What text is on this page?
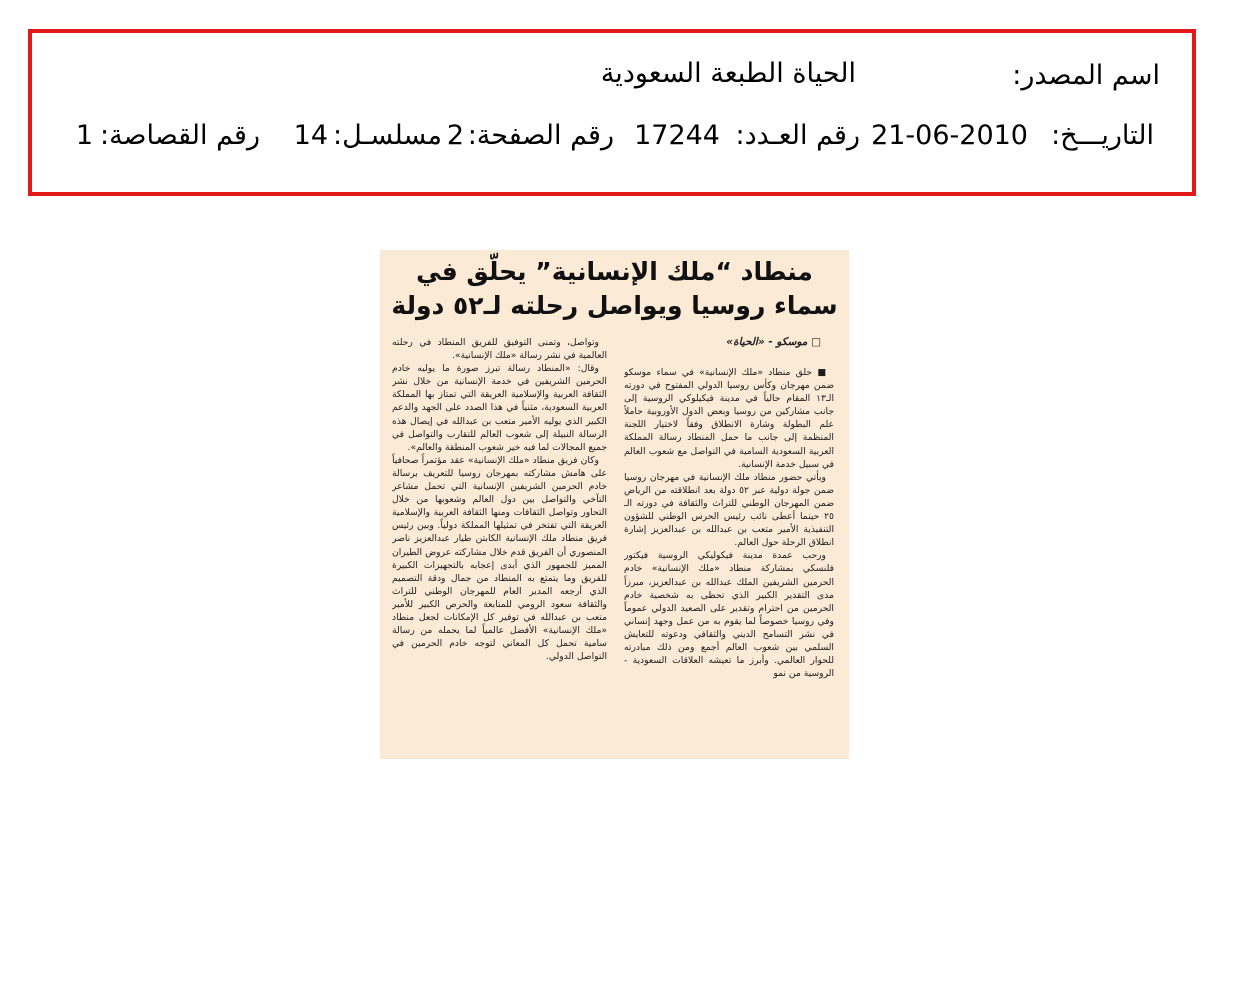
اسم المصدر:
الحياة الطبعة السعودية
التاريـــخ:
21-06-2010
رقم العـدد:
17244
رقم الصفحة:
2
مسلسـل:
14
رقم القصاصة:
1
منطاد “ملك الإنسانية” يحلّق في
سماء روسيا ويواصل رحلته لـ٥٢ دولة
□ موسكو - «الحياة»

■ حلق منطاد «ملك الإنسانية» في سماء موسكو ضمن مهرجان وكأس روسيا الدولي المفتوح في دورته الـ١٣ المقام حالياً في مدينة فيكيلوكي الروسية إلى جانب مشاركين من روسيا وبعض الدول الأوروبية حاملاً علم البطولة وشارة الانطلاق وفقاً لاختيار اللجنة المنظمة إلى جانب ما حمل المنطاد رسالة المملكة العربية السعودية السامية في التواصل مع شعوب العالم في سبيل خدمة الإنسانية.

ويأتي حضور منطاد ملك الإنسانية في مهرجان روسيا ضمن جولة دولية عبر ٥٢ دولة بعد انطلاقته من الرياض ضمن المهرجان الوطني للتراث والثقافة في دورته الـ ٢٥ حينما أعطى نائب رئيس الحرس الوطني للشؤون التنفيذية الأمير متعب بن عبدالله بن عبدالعزيز إشارة انطلاق الرحلة حول العالم.

ورحب عمدة مدينة فيكوليكي الروسية فيكتور فلنسكي بمشاركة منطاد «ملك الإنسانية» خادم الحرمين الشريفين الملك عبدالله بن عبدالعزيز، مبرزاً مدى التقدير الكبير الذي تحظى به شخصية خادم الحرمين من احترام وتقدير على الصعيد الدولي عموماً وفي روسيا خصوصاً لما يقوم به من عمل وجهد إنساني في نشر التسامح الديني والثقافي ودعوته للتعايش السلمي بين شعوب العالم أجمع ومن ذلك مبادرته للحوار العالمي. وأبرز ما تعيشه العلاقات السعودية - الروسية من نمو

وتواصل، وتمنى التوفيق للفريق المنطاد في رحلته العالمية في نشر رسالة «ملك الإنسانية».

وقال: «المنطاد رسالة تبرز صورة ما يوليه خادم الحرمين الشريفين في خدمة الإنسانية من خلال نشر الثقافة العربية والإسلامية العريقة التي تمتاز بها المملكة العربية السعودية، مثنياً في هذا الصدد على الجهد والدعم الكبير الذي يوليه الأمير متعب بن عبدالله في إيصال هذه الرسالة النبيلة إلى شعوب العالم للتقارب والتواصل في جميع المجالات لما فيه خير شعوب المنطقة والعالم».

وكان فريق منطاد «ملك الإنسانية» عقد مؤتمراً صحافياً على هامش مشاركته بمهرجان روسيا للتعريف برسالة خادم الحرمين الشريفين الإنسانية التي تحمل مشاعر التآخي والتواصل بين دول العالم وشعوبها من خلال التحاور وتواصل الثقافات ومنها الثقافة العربية والإسلامية العريقة التي تفتخر في تمثيلها المملكة دولياً. وبين رئيس فريق منطاد ملك الإنسانية الكابتن طيار عبدالعزيز ناصر المنصوري أن الفريق قدم خلال مشاركته عروض الطيران المميز للجمهور الذي أبدى إعجابه بالتجهيزات الكبيرة للفريق وما يتمتع به المنطاد من جمال ودقة التصميم الذي أرجعه المدير العام للمهرجان الوطني للتراث والثقافة سعود الرومي للمتابعة والحرص الكبير للأمير متعب بن عبدالله في توفير كل الإمكانات لجعل منطاد «ملك الإنسانية» الأفضل عالمياً لما يحمله من رسالة سامية تحمل كل المعاني لتوجه خادم الحرمين في التواصل الدولي.
